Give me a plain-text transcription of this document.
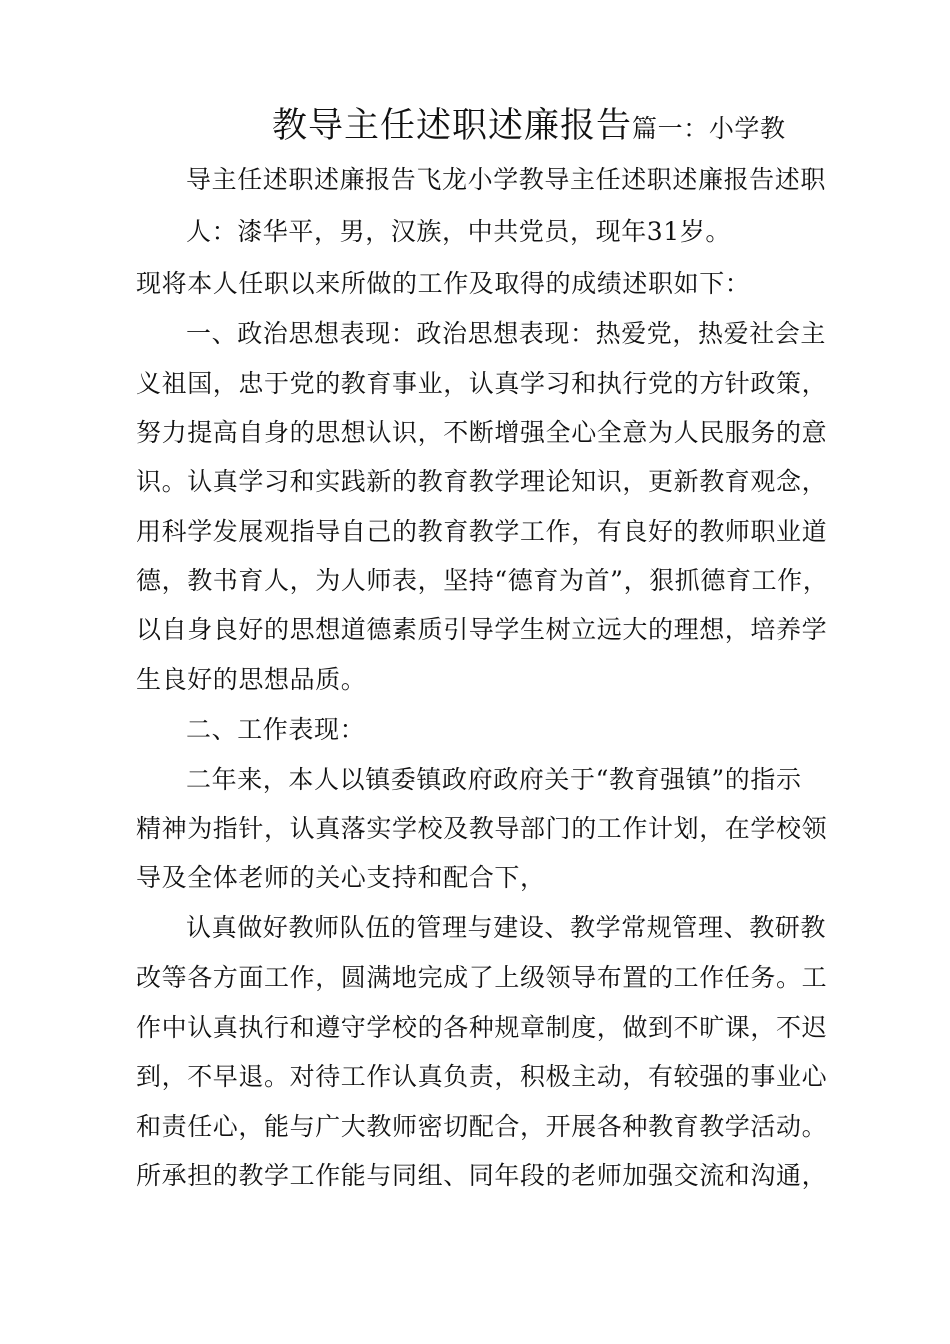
教导主任述职述廉报告篇一：小学教
导主任述职述廉报告飞龙小学教导主任述职述廉报告述职
人：漆华平，男，汉族，中共党员，现年31岁。
现将本人任职以来所做的工作及取得的成绩述职如下：
一、政治思想表现：政治思想表现：热爱党，热爱社会主
义祖国，忠于党的教育事业，认真学习和执行党的方针政策，
努力提高自身的思想认识，不断增强全心全意为人民服务的意
识。认真学习和实践新的教育教学理论知识，更新教育观念，
用科学发展观指导自己的教育教学工作，有良好的教师职业道
德，教书育人，为人师表，坚持“德育为首”，狠抓德育工作，
以自身良好的思想道德素质引导学生树立远大的理想，培养学
生良好的思想品质。
二、工作表现：
二年来，本人以镇委镇政府政府关于“教育强镇”的指示
精神为指针，认真落实学校及教导部门的工作计划，在学校领
导及全体老师的关心支持和配合下，
认真做好教师队伍的管理与建设、教学常规管理、教研教
改等各方面工作，圆满地完成了上级领导布置的工作任务。工
作中认真执行和遵守学校的各种规章制度，做到不旷课，不迟
到，不早退。对待工作认真负责，积极主动，有较强的事业心
和责任心，能与广大教师密切配合，开展各种教育教学活动。
所承担的教学工作能与同组、同年段的老师加强交流和沟通，
